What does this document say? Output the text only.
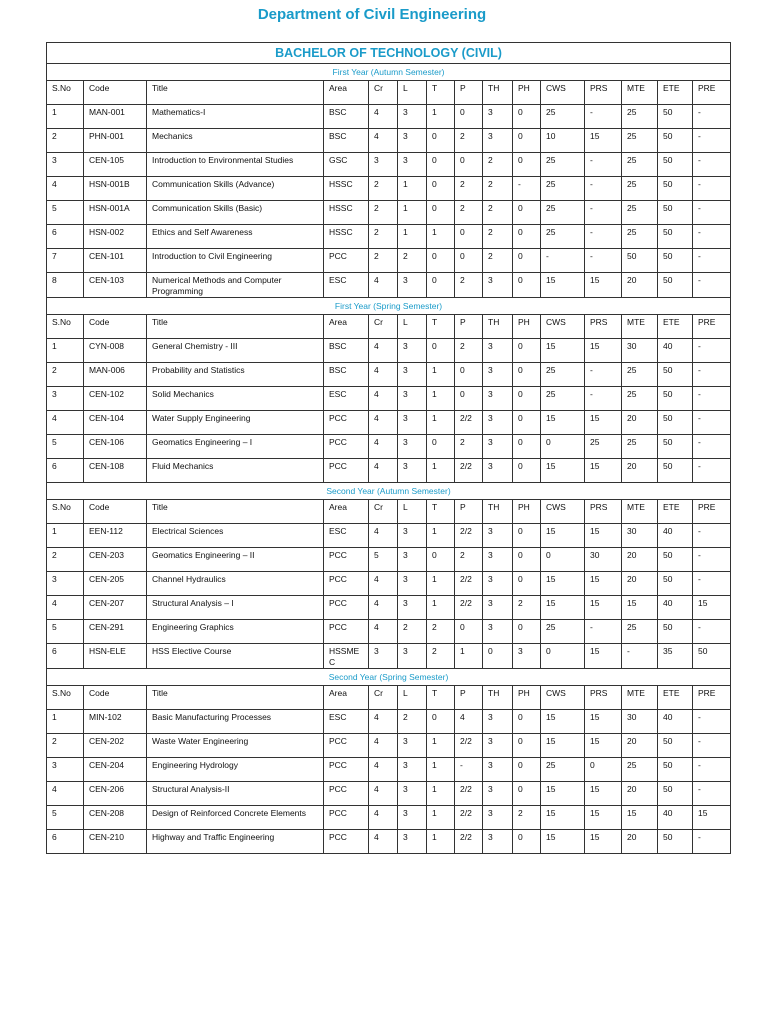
Department of Civil Engineering
BACHELOR OF TECHNOLOGY (CIVIL)														
First Year (Autumn Semester)														
S.No	Code	Title	Area	Cr	L	T	P	TH	PH	CWS	PRS	MTE	ETE	PRE
1	MAN-001	Mathematics-I	BSC	4	3	1	0	3	0	25	-	25	50	-
2	PHN-001	Mechanics	BSC	4	3	0	2	3	0	10	15	25	50	-
3	CEN-105	Introduction to Environmental Studies	GSC	3	3	0	0	2	0	25	-	25	50	-
4	HSN-001B	Communication Skills (Advance)	HSSC	2	1	0	2	2	-	25	-	25	50	-
5	HSN-001A	Communication Skills (Basic)	HSSC	2	1	0	2	2	0	25	-	25	50	-
6	HSN-002	Ethics and Self Awareness	HSSC	2	1	1	0	2	0	25	-	25	50	-
7	CEN-101	Introduction to Civil Engineering	PCC	2	2	0	0	2	0	-	-	50	50	-
8	CEN-103	Numerical Methods and Computer Programming	ESC	4	3	0	2	3	0	15	15	20	50	-
First Year (Spring Semester)														
S.No	Code	Title	Area	Cr	L	T	P	TH	PH	CWS	PRS	MTE	ETE	PRE
1	CYN-008	General Chemistry - III	BSC	4	3	0	2	3	0	15	15	30	40	-
2	MAN-006	Probability and Statistics	BSC	4	3	1	0	3	0	25	-	25	50	-
3	CEN-102	Solid Mechanics	ESC	4	3	1	0	3	0	25	-	25	50	-
4	CEN-104	Water Supply Engineering	PCC	4	3	1	2/2	3	0	15	15	20	50	-
5	CEN-106	Geomatics Engineering – I	PCC	4	3	0	2	3	0	0	25	25	50	-
6	CEN-108	Fluid Mechanics	PCC	4	3	1	2/2	3	0	15	15	20	50	-
Second Year (Autumn Semester)														
S.No	Code	Title	Area	Cr	L	T	P	TH	PH	CWS	PRS	MTE	ETE	PRE
1	EEN-112	Electrical Sciences	ESC	4	3	1	2/2	3	0	15	15	30	40	-
2	CEN-203	Geomatics Engineering – II	PCC	5	3	0	2	3	0	0	30	20	50	-
3	CEN-205	Channel Hydraulics	PCC	4	3	1	2/2	3	0	15	15	20	50	-
4	CEN-207	Structural Analysis – I	PCC	4	3	1	2/2	3	2	15	15	15	40	15
5	CEN-291	Engineering Graphics	PCC	4	2	2	0	3	0	25	-	25	50	-
6	HSN-ELE	HSS Elective Course	HSSME C	3	3	2	1	0	3	0	15	-	35	50
Second Year (Spring Semester)														
S.No	Code	Title	Area	Cr	L	T	P	TH	PH	CWS	PRS	MTE	ETE	PRE
1	MIN-102	Basic Manufacturing Processes	ESC	4	2	0	4	3	0	15	15	30	40	-
2	CEN-202	Waste Water Engineering	PCC	4	3	1	2/2	3	0	15	15	20	50	-
3	CEN-204	Engineering Hydrology	PCC	4	3	1	-	3	0	25	0	25	50	-
4	CEN-206	Structural Analysis-II	PCC	4	3	1	2/2	3	0	15	15	20	50	-
5	CEN-208	Design of Reinforced Concrete Elements	PCC	4	3	1	2/2	3	2	15	15	15	40	15
6	CEN-210	Highway and Traffic Engineering	PCC	4	3	1	2/2	3	0	15	15	20	50	-
